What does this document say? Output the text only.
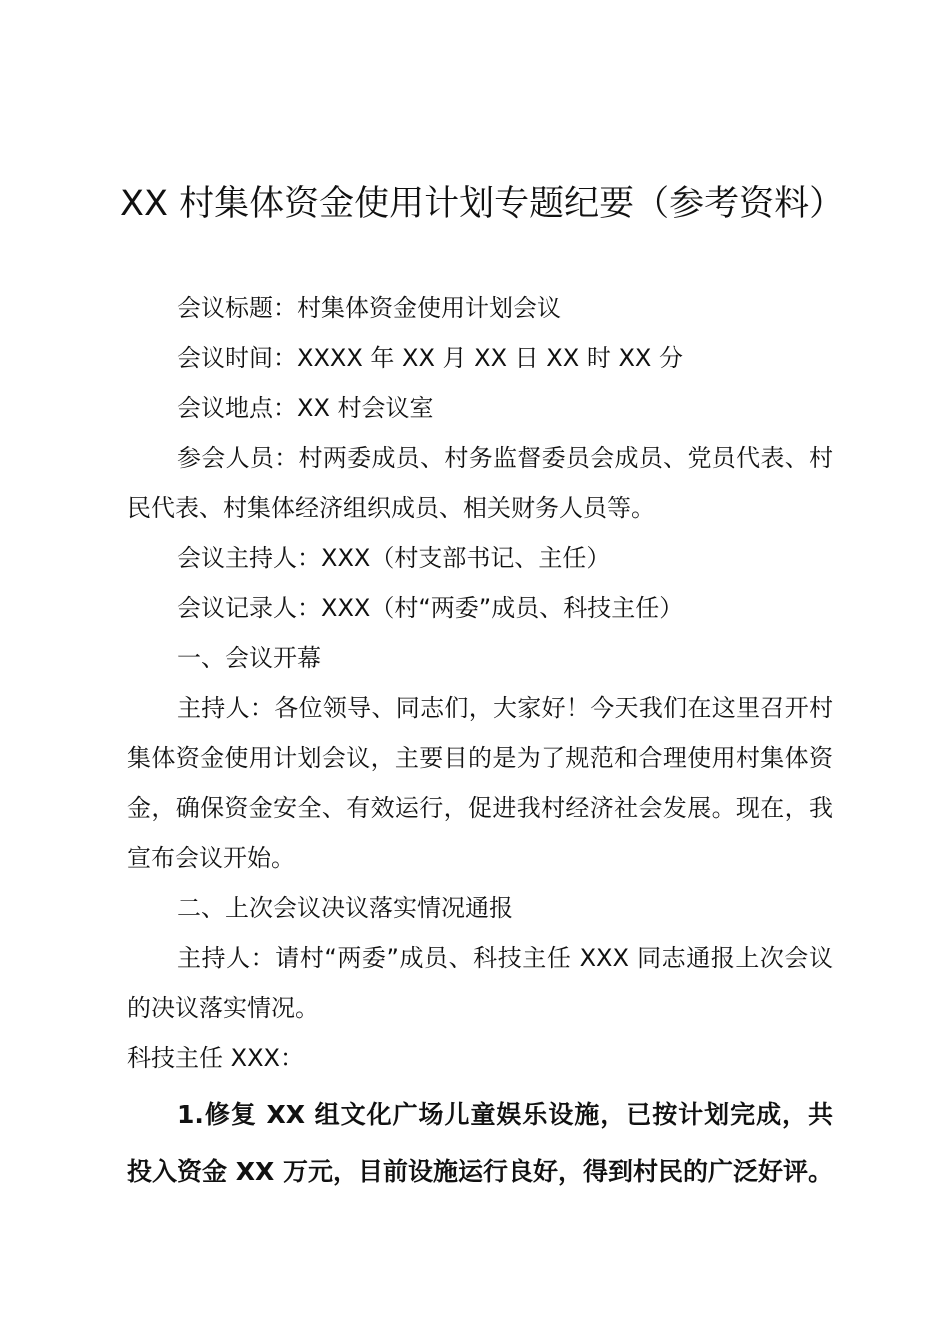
XX 村集体资金使用计划专题纪要（参考资料）

会议标题：村集体资金使用计划会议

会议时间：XXXX 年 XX 月 XX 日 XX 时 XX 分

会议地点：XX 村会议室

参会人员：村两委成员、村务监督委员会成员、党员代表、村民代表、村集体经济组织成员、相关财务人员等。

会议主持人：XXX（村支部书记、主任）

会议记录人：XXX（村“两委”成员、科技主任）

一、会议开幕

主持人：各位领导、同志们，大家好！今天我们在这里召开村集体资金使用计划会议，主要目的是为了规范和合理使用村集体资金，确保资金安全、有效运行，促进我村经济社会发展。现在，我宣布会议开始。

二、上次会议决议落实情况通报

主持人：请村“两委”成员、科技主任 XXX 同志通报上次会议的决议落实情况。

科技主任 XXX：

1.修复 XX 组文化广场儿童娱乐设施，已按计划完成，共投入资金 XX 万元，目前设施运行良好，得到村民的广泛好评。
